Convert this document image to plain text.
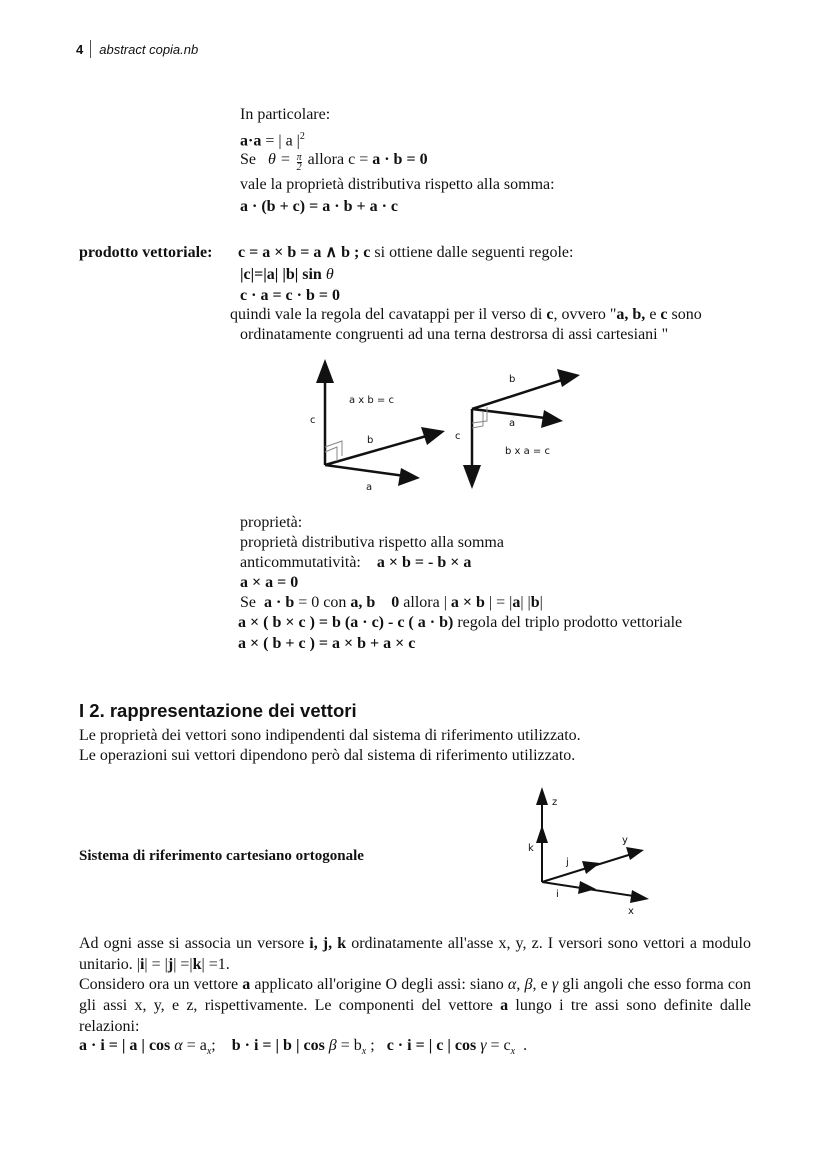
4 abstract copia.nb
In particolare:
a·a = | a $|^2$
Se $\theta = \frac{\pi}{2}$ allora c = a · b = 0
vale la proprietà distributiva rispetto alla somma:
a · (b + c) = a · b + a · c
prodotto vettoriale: c = a × b = a ∧ b ; c si ottiene dalle seguenti regole:
|c|=|a| |b| sin θ
c · a = c · b = 0
quindi vale la regola del cavatappi per il verso di c, ovvero "a, b, e c sono
ordinatamente congruenti ad una terna destrorsa di assi cartesiani "
c
a x b = c
b
a
c
b
a
b x a = c
proprietà:
proprietà distributiva rispetto alla somma
anticommutatività: a × b = - b × a
a × a = 0
Se  a · b = 0 con a, b 0 allora | a × b | = |a| |b|
a × ( b × c ) = b (a · c) - c ( a · b) regola del triplo prodotto vettoriale
a × ( b + c ) = a × b + a × c
I 2. rappresentazione dei vettori
Le proprietà dei vettori sono indipendenti dal sistema di riferimento utilizzato.
Le operazioni sui vettori dipendono però dal sistema di riferimento utilizzato.
Sistema di riferimento cartesiano ortogonale
z
k
y
j
i
x
Ad ogni asse si associa un versore i, j, k ordinatamente all'asse x, y, z. I versori sono vettori a modulo unitario. |i| = |j| =|k| =1.
Considero ora un vettore a applicato all'origine O degli assi: siano α, β, e γ gli angoli che esso forma con gli assi x, y, e z, rispettivamente. Le componenti del vettore a lungo i tre assi sono definite dalle relazioni:
a · i = | a | $\cos \alpha = a_x$;    b · i = | b | $\cos \beta = b_x$ ;   c · i = | c | $\cos \gamma = c_x$  .
